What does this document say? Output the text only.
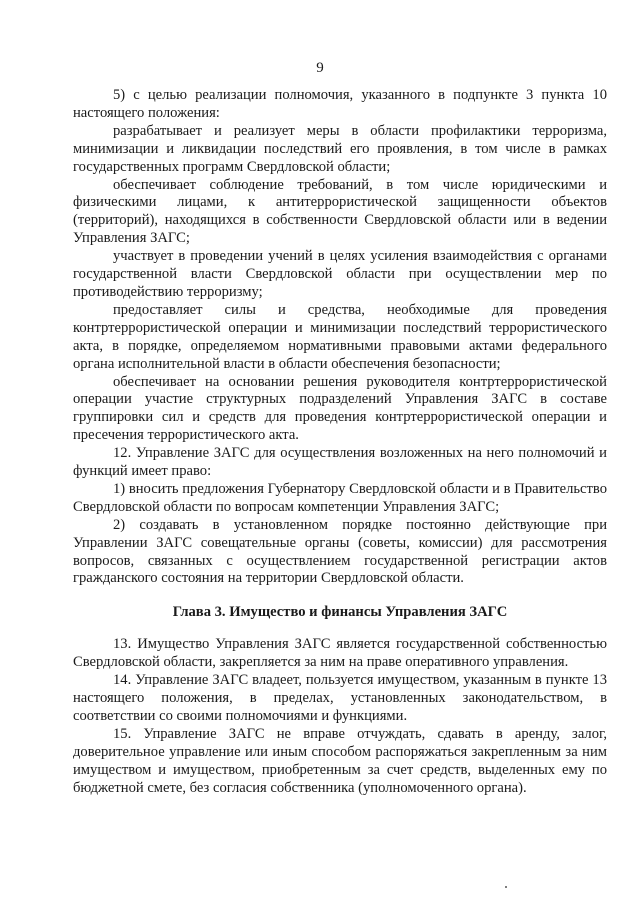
9

5) с целью реализации полномочия, указанного в подпункте 3 пункта 10 настоящего положения:

разрабатывает и реализует меры в области профилактики терроризма, минимизации и ликвидации последствий его проявления, в том числе в рамках государственных программ Свердловской области;

обеспечивает соблюдение требований, в том числе юридическими и физическими лицами, к антитеррористической защищенности объектов (территорий), находящихся в собственности Свердловской области или в ведении Управления ЗАГС;

участвует в проведении учений в целях усиления взаимодействия с органами государственной власти Свердловской области при осуществлении мер по противодействию терроризму;

предоставляет силы и средства, необходимые для проведения контртеррористической операции и минимизации последствий террористического акта, в порядке, определяемом нормативными правовыми актами федерального органа исполнительной власти в области обеспечения безопасности;

обеспечивает на основании решения руководителя контртеррористической операции участие структурных подразделений Управления ЗАГС в составе группировки сил и средств для проведения контртеррористической операции и пресечения террористического акта.

12. Управление ЗАГС для осуществления возложенных на него полномочий и функций имеет право:

1) вносить предложения Губернатору Свердловской области и в Правительство Свердловской области по вопросам компетенции Управления ЗАГС;

2) создавать в установленном порядке постоянно действующие при Управлении ЗАГС совещательные органы (советы, комиссии) для рассмотрения вопросов, связанных с осуществлением государственной регистрации актов гражданского состояния на территории Свердловской области.

Глава 3. Имущество и финансы Управления ЗАГС

13. Имущество Управления ЗАГС является государственной собственностью Свердловской области, закрепляется за ним на праве оперативного управления.

14. Управление ЗАГС владеет, пользуется имуществом, указанным в пункте 13 настоящего положения, в пределах, установленных законодательством, в соответствии со своими полномочиями и функциями.

15. Управление ЗАГС не вправе отчуждать, сдавать в аренду, залог, доверительное управление или иным способом распоряжаться закрепленным за ним имуществом и имуществом, приобретенным за счет средств, выделенных ему по бюджетной смете, без согласия собственника (уполномоченного органа).
